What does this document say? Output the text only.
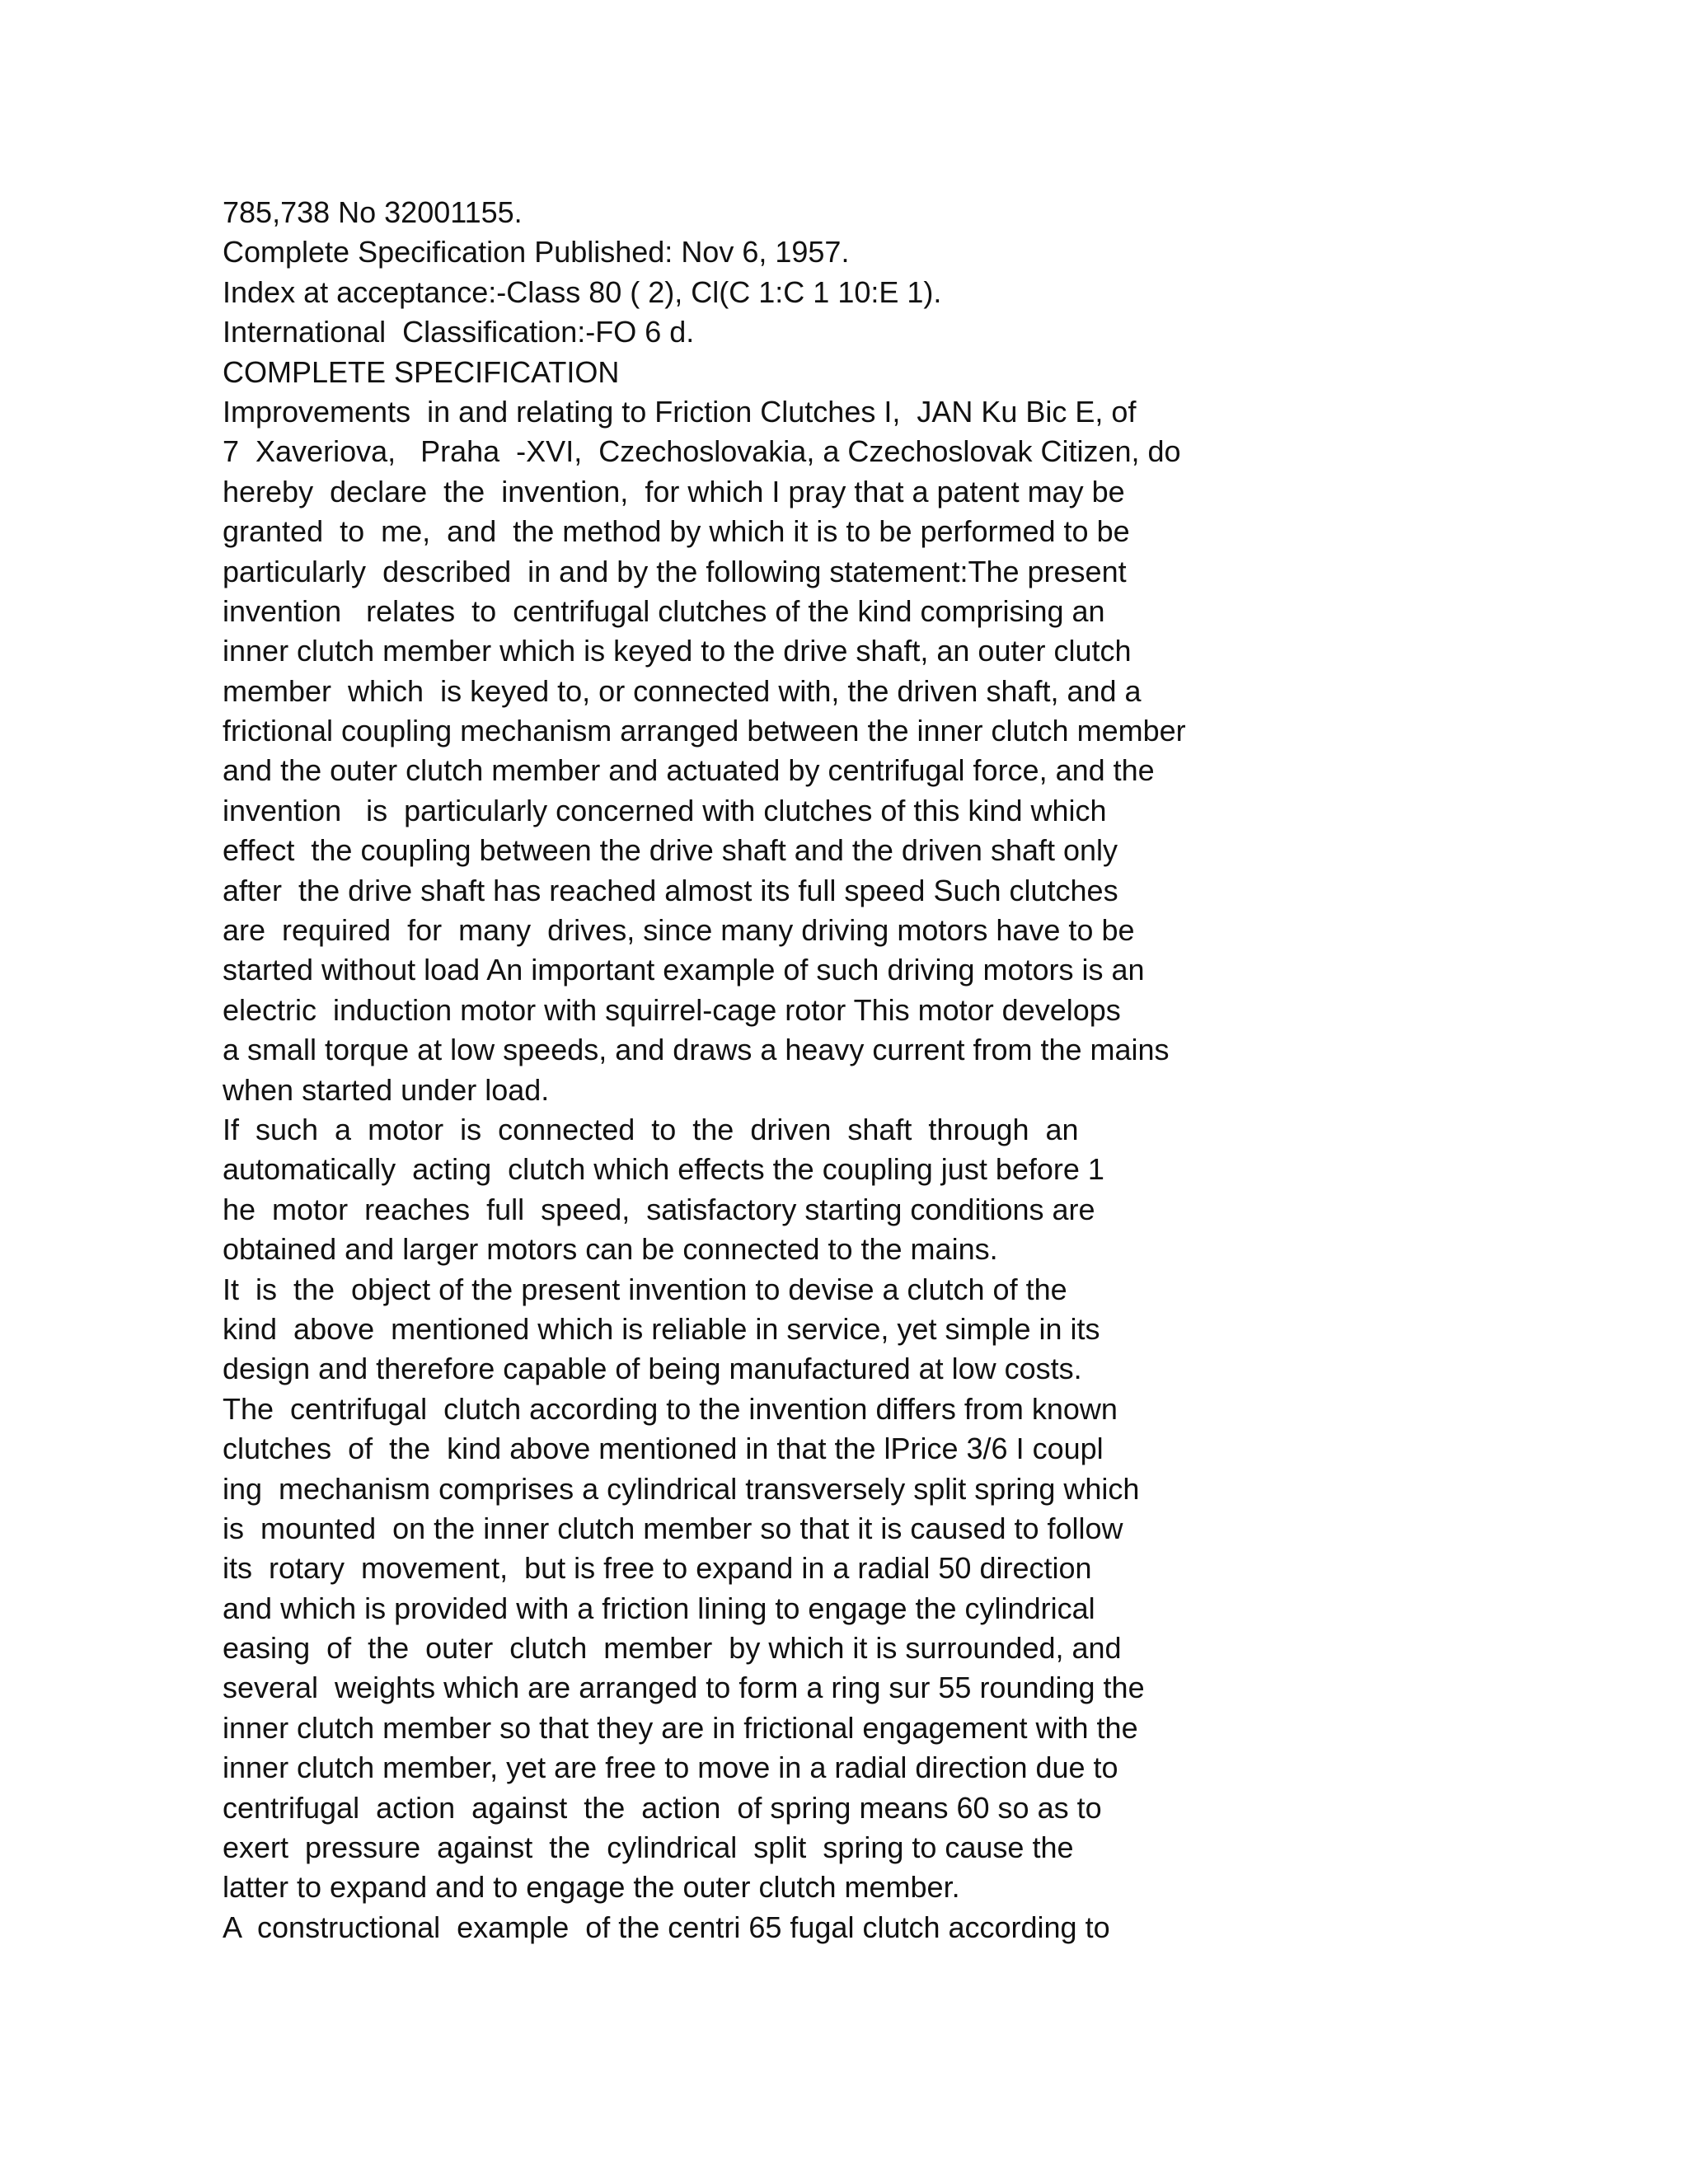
785,738 No 32001155.
Complete Specification Published: Nov 6, 1957.
Index at acceptance:-Class 80 ( 2), Cl(C 1:C 1 10:E 1).
International  Classification:-FO 6 d.
COMPLETE SPECIFICATION
Improvements  in and relating to Friction Clutches I,  JAN Ku Bic E, of
7  Xaveriova,   Praha  -XVI,  Czechoslovakia, a Czechoslovak Citizen, do
hereby  declare  the  invention,  for which I pray that a patent may be
granted  to  me,  and  the method by which it is to be performed to be
particularly  described  in and by the following statement:The present
invention   relates  to  centrifugal clutches of the kind comprising an
inner clutch member which is keyed to the drive shaft, an outer clutch
member  which  is keyed to, or connected with, the driven shaft, and a
frictional coupling mechanism arranged between the inner clutch member
and the outer clutch member and actuated by centrifugal force, and the
invention   is  particularly concerned with clutches of this kind which
effect  the coupling between the drive shaft and the driven shaft only
after  the drive shaft has reached almost its full speed Such clutches
are  required  for  many  drives, since many driving motors have to be
started without load An important example of such driving motors is an
electric  induction motor with squirrel-cage rotor This motor develops
a small torque at low speeds, and draws a heavy current from the mains
when started under load.
If  such  a  motor  is  connected  to  the  driven  shaft  through  an
automatically  acting  clutch which effects the coupling just before 1
he  motor  reaches  full  speed,  satisfactory starting conditions are
obtained and larger motors can be connected to the mains.
It  is  the  object of the present invention to devise a clutch of the
kind  above  mentioned which is reliable in service, yet simple in its
design and therefore capable of being manufactured at low costs.
The  centrifugal  clutch according to the invention differs from known
clutches  of  the  kind above mentioned in that the lPrice 3/6 I coupl
ing  mechanism comprises a cylindrical transversely split spring which
is  mounted  on the inner clutch member so that it is caused to follow
its  rotary  movement,  but is free to expand in a radial 50 direction
and which is provided with a friction lining to engage the cylindrical
easing  of  the  outer  clutch  member  by which it is surrounded, and
several  weights which are arranged to form a ring sur 55 rounding the
inner clutch member so that they are in frictional engagement with the
inner clutch member, yet are free to move in a radial direction due to
centrifugal  action  against  the  action  of spring means 60 so as to
exert  pressure  against  the  cylindrical  split  spring to cause the
latter to expand and to engage the outer clutch member.
A  constructional  example  of the centri 65 fugal clutch according to
